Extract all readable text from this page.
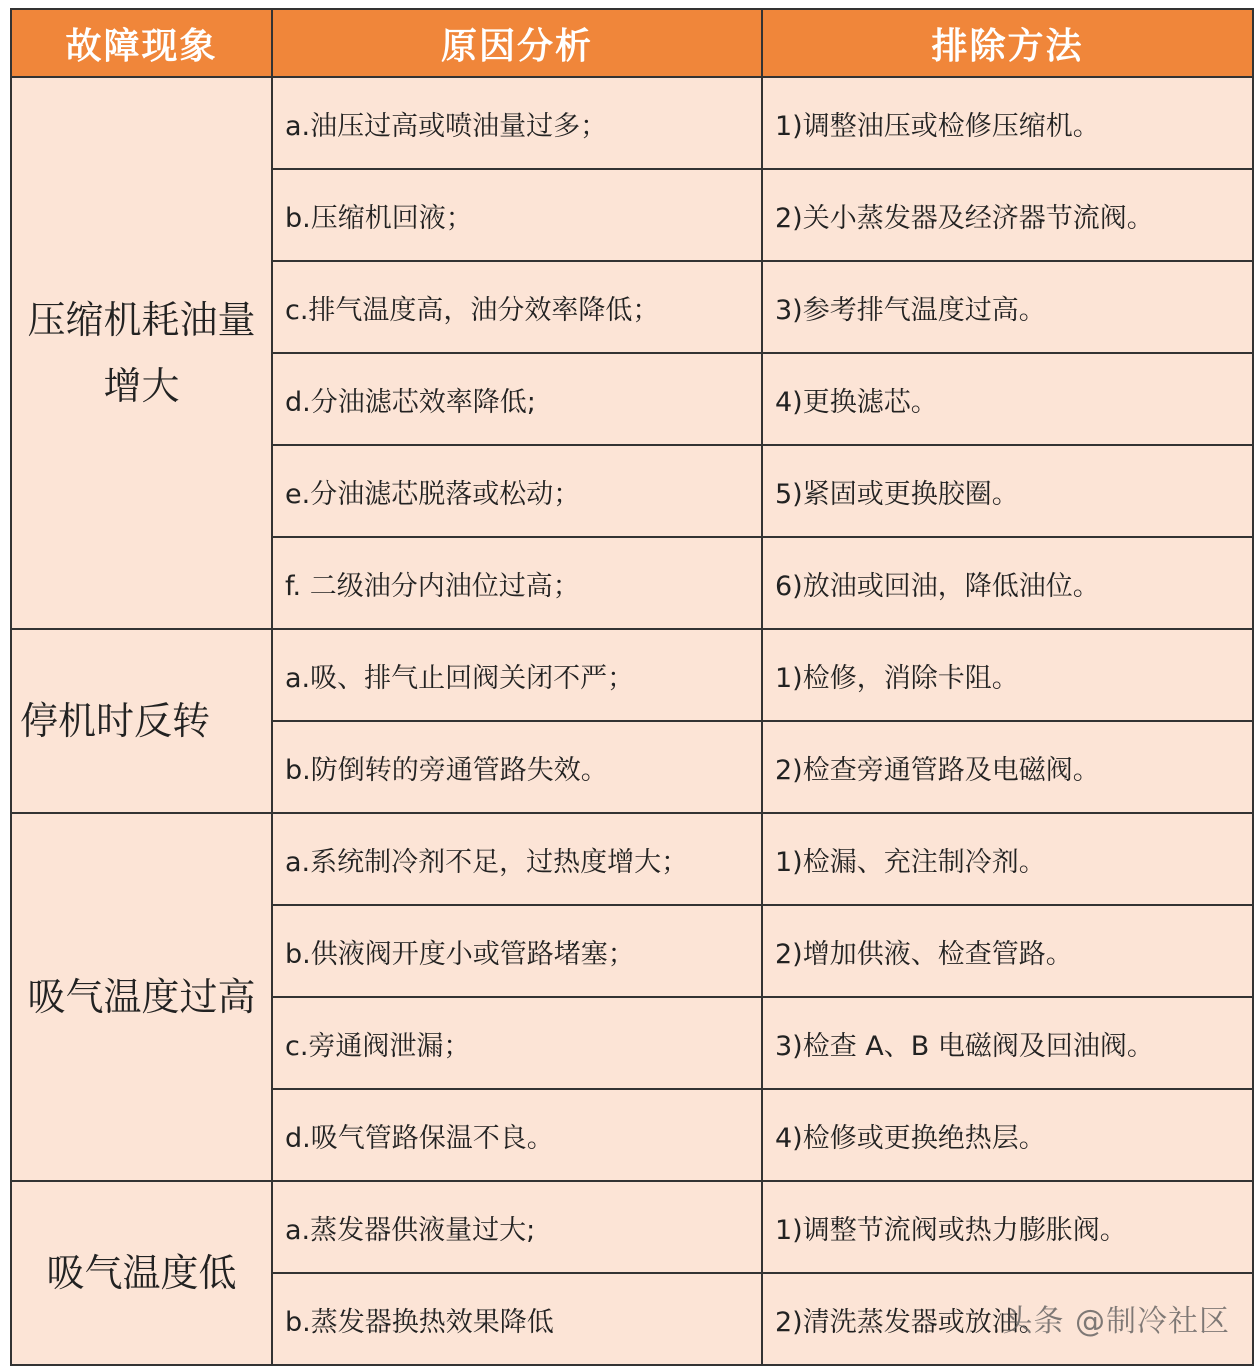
故障现象	原因分析	排除方法
压缩机耗油量增大	a.油压过高或喷油量过多；	1)调整油压或检修压缩机。
	b.压缩机回液；	2)关小蒸发器及经济器节流阀。
	c.排气温度高，油分效率降低；	3)参考排气温度过高。
	d.分油滤芯效率降低;	4)更换滤芯。
	e.分油滤芯脱落或松动；	5)紧固或更换胶圈。
	f. 二级油分内油位过高；	6)放油或回油，降低油位。
停机时反转	a.吸、排气止回阀关闭不严；	1)检修，消除卡阻。
	b.防倒转的旁通管路失效。	2)检查旁通管路及电磁阀。
吸气温度过高	a.系统制冷剂不足，过热度增大；	1)检漏、充注制冷剂。
	b.供液阀开度小或管路堵塞；	2)增加供液、检查管路。
	c.旁通阀泄漏；	3)检查 A、B 电磁阀及回油阀。
	d.吸气管路保温不良。	4)检修或更换绝热层。
吸气温度低	a.蒸发器供液量过大;	1)调整节流阀或热力膨胀阀。
	b.蒸发器换热效果降低	2)清洗蒸发器或放油。
头条 @制冷社区
